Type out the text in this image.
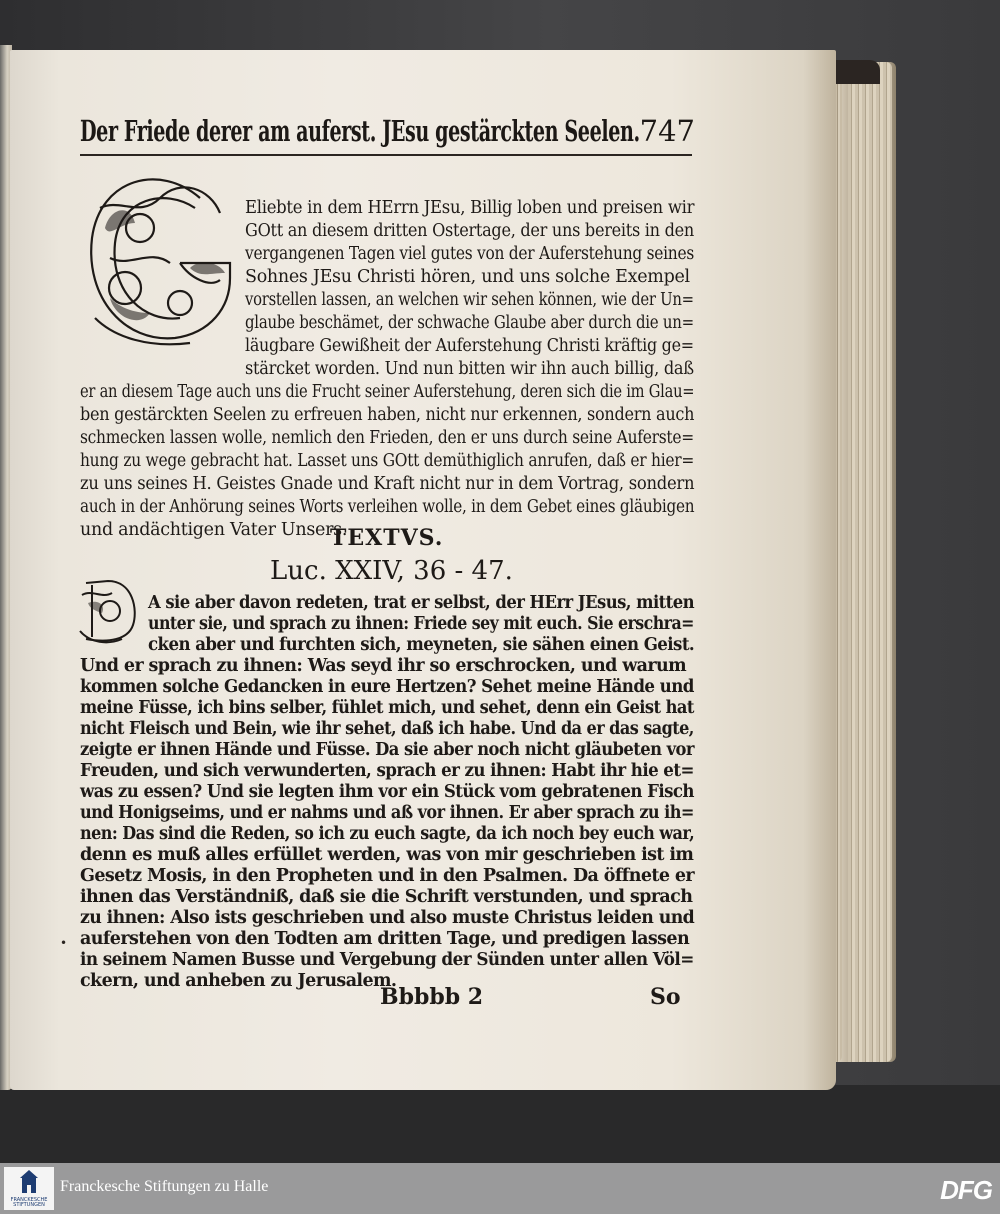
Der Friede derer am auferst. JEsu gestärckten Seelen. 747
Eliebte in dem HErrn JEsu, Billig loben und preisen wir
GOtt an diesem dritten Ostertage, der uns bereits in den
vergangenen Tagen viel gutes von der Auferstehung seines
Sohnes JEsu Christi hören, und uns solche Exempel
vorstellen lassen, an welchen wir sehen können, wie der Un=
glaube beschämet, der schwache Glaube aber durch die un=
läugbare Gewißheit der Auferstehung Christi kräftig ge=
stärcket worden. Und nun bitten wir ihn auch billig, daß
er an diesem Tage auch uns die Frucht seiner Auferstehung, deren sich die im Glau=
ben gestärckten Seelen zu erfreuen haben, nicht nur erkennen, sondern auch
schmecken lassen wolle, nemlich den Frieden, den er uns durch seine Auferste=
hung zu wege gebracht hat. Lasset uns GOtt demüthiglich anrufen, daß er hier=
zu uns seines H. Geistes Gnade und Kraft nicht nur in dem Vortrag, sondern
auch in der Anhörung seines Worts verleihen wolle, in dem Gebet eines gläubigen
und andächtigen Vater Unsers.
TEXTVS.
Luc. XXIV, 36 - 47.
A sie aber davon redeten, trat er selbst, der HErr JEsus, mitten
unter sie, und sprach zu ihnen: Friede sey mit euch. Sie erschra=
cken aber und furchten sich, meyneten, sie sähen einen Geist.
Und er sprach zu ihnen: Was seyd ihr so erschrocken, und warum
kommen solche Gedancken in eure Hertzen? Sehet meine Hände und
meine Füsse, ich bins selber, fühlet mich, und sehet, denn ein Geist hat
nicht Fleisch und Bein, wie ihr sehet, daß ich habe. Und da er das sagte,
zeigte er ihnen Hände und Füsse. Da sie aber noch nicht gläubeten vor
Freuden, und sich verwunderten, sprach er zu ihnen: Habt ihr hie et=
was zu essen? Und sie legten ihm vor ein Stück vom gebratenen Fisch
und Honigseims, und er nahms und aß vor ihnen. Er aber sprach zu ih=
nen: Das sind die Reden, so ich zu euch sagte, da ich noch bey euch war,
denn es muß alles erfüllet werden, was von mir geschrieben ist im
Gesetz Mosis, in den Propheten und in den Psalmen. Da öffnete er
ihnen das Verständniß, daß sie die Schrift verstunden, und sprach
zu ihnen: Also ists geschrieben und also muste Christus leiden und
auferstehen von den Todten am dritten Tage, und predigen lassen
in seinem Namen Busse und Vergebung der Sünden unter allen Völ=
ckern, und anheben zu Jerusalem.
•
Bbbbb 2	So
FRANCKESCHE STIFTUNGEN
Franckesche Stiftungen zu Halle	DFG
